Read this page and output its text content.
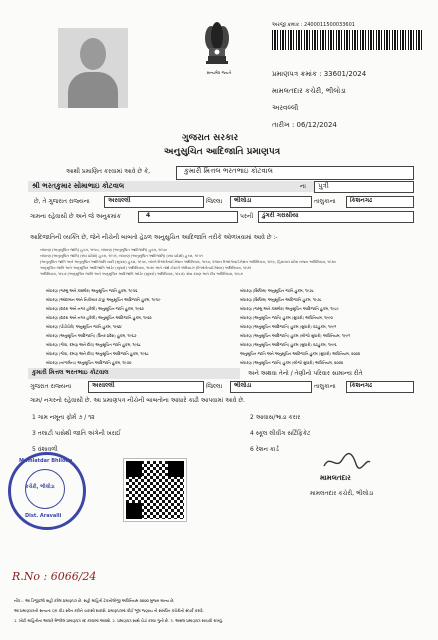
સત્યમેવ જયતે
અરજી ક્રમાંક : 2400011500033601
પ્રમાણપત્ર ક્રમાંક : 33601/2024
મામલતદાર કચેરી, ભીલોડા
અરવલ્લી
તારીખ : 06/12/2024
ગુજરાત સરકાર
અનુસુચિત આદિજાતિ પ્રમાણપત્ર
આથી પ્રમાણિત કરવામાં આવે છે કે,	કુમારી મિત્તલ ભરતભાઇ કોટવાલ
શ્રી ભરતકુમાર સોમાભાઇ કોટવાલ	ના પુત્રી
છે, તે ગુજરાત રાજ્યના	અરવલ્લી	જિલ્લા ભીલોડા	તાલુકાના કિશનગઢ
ગામના રહેવાસી છે અને જે અનુક્રમાંક	4	પરની ડુંગરી ગરાસીયા
આદિજાતિની વ્યક્તિ છે, જેને નીચેની બાબતો હેઠળ અનુસુચિત આદિજાતિ તરીકે ઓળખવામાં આવે છે :-
બંધારણ (અનુસૂચિત જાતિ) હુકમ, ૧૯૫૦, બંધારણ (અનુસૂચિત આદિજાતિ) હુકમ, ૧૯૫૦
બંધારણ (અનુસૂચિત જાતિ) (સંઘ પ્રદેશો) હુકમ, ૧૯૫૧, બંધારણ (અનુસૂચિત આદિજાતિ) (સંઘ પ્રદેશો) હુકમ, ૧૯૫૧
(અનુસૂચિત જાતિ અને અનુસૂચિત આદિજાતિ યાદી (સુધારા) હુકમ, ૧૯૫૬, બોમ્બે રિઓર્ગનાઈઝેશન અધિનિયમ, ૧૯૬૦, પંજાબ રિઓર્ગનાઈઝેશન અધિનિયમ, ૧૯૬૬, હિમાચલ પ્રદેશ રાજ્ય અધિનિયમ, ૧૯૭૦
અનુસૂચિત જાતિ અને અનુસૂચિત આદિજાતિ ઓર્ડર (સુધારો) અધિનિયમ, ૧૯૭૬ અને નોર્થ ઈસ્ટર્ન એરિયાઝ (રિઓર્ગનાઈઝેશન) અધિનિયમ, ૧૯૭૧
અધિનિયમ, ૧૯૮૭ (અનુસૂચિત જાતિ અને અનુસૂચિત આદિજાતિ ઓર્ડર (સુધારો) અધિનિયમ, ૧૯૮૭) ગોવા દમણ અને દીવ અધિનિયમ, ૧૯૮૭
બંધારણ (જમ્મુ અને કાશ્મીર) અનુસૂચિત જાતિ હુકમ, ૧૯૫૬
બંધારણ (આંદામાન અને નિકોબાર ટાપુ) અનુસૂચિત આદિજાતિ હુકમ, ૧૯૫૯
બંધારણ (દાદરા અને નગર હવેલી) અનુસૂચિત જાતિ હુકમ, ૧૯૬૨
બંધારણ (દાદરા અને નગર હવેલી) અનુસૂચિત આદિજાતિ હુકમ, ૧૯૬૨
બંધારણ (પોંડીચેરી) અનુસૂચિત જાતિ હુકમ, ૧૯૬૪
બંધારણ (અનુસૂચિત આદિજાતિ) (ઉત્તર પ્રદેશ) હુકમ, ૧૯૬૭
બંધારણ (ગોવા, દમણ અને દીવ) અનુસૂચિત જાતિ હુકમ, ૧૯૬૮
બંધારણ (ગોવા, દમણ અને દીવ) અનુસૂચિત આદિજાતિ હુકમ, ૧૯૬૮
બંધારણ (નાગાલેન્ડ) અનુસૂચિત આદિજાતિ હુકમ, ૧૯૭૦
બંધારણ (સિક્કિમ) અનુસૂચિત જાતિ હુકમ, ૧૯૭૮
બંધારણ (સિક્કિમ) અનુસૂચિત આદિજાતિ હુકમ, ૧૯૭૮
બંધારણ (જમ્મુ અને કાશ્મીર) અનુસૂચિત આદિજાતિ હુકમ, ૧૯૮૯
બંધારણ (અનુસૂચિત જાતિ) હુકમ (સુધારો) અધિનિયમ, ૧૯૯૦
બંધારણ (અનુસૂચિત આદિજાતિ) હુકમ (સુધારો) વટહુકમ, ૧૯૯૧
બંધારણ (અનુસૂચિત આદિજાતિ) હુકમ (બીજો સુધારો) અધિનિયમ, ૧૯૯૧
બંધારણ (અનુસૂચિત આદિજાતિ) હુકમ (સુધારો) વટહુકમ, ૧૯૯૬
અનુસૂચિત જાતિ અને અનુસૂચિત આદિજાતિ હુકમ (સુધારો) અધિનિયમ, ૨૦૦૨
બંધારણ (અનુસૂચિત જાતિ) હુકમ (બીજો સુધારો) અધિનિયમ, ૨૦૦૨
કુમારી મિત્તલ ભરતભાઇ કોટવાલ	અને અથવા તેનો / તેણીનો પરિવાર સામાન્ય રીતે
ગુજરાત રાજ્યના	અરવલ્લી	જિલ્લા ભીલોડા	તાલુકાના કિશનગઢ
ગામ/ નગરનો રહેવાસી છે. આ પ્રમાણપત્ર નીચેની બાબતોના આધારે કાઢી આપવામાં આવે છે.
1 ગામ નમૂના ફોર્મ ૭ / ૧૨	2 આવાસ/ભાડા કરાર
3 તલાટી પાસેથી જાતિ અંગેની ખરાઈ	4 સ્કૂલ લીવીંગ સર્ટિફિકેટ
5 વંશાવળી	6 રેશન કાર્ડ
Mamlatdar Bhiloda
કચેરી, ભીલોડા
Dist. Aravalli
મામલતદાર
મામલતદાર કચેરી, ભીલોડા
R.No : 6066/24
નોંધ :- આ ડિજીટલી સહી કરેલ પ્રમાણપત્ર છે. સહી માહિતી ટેકનોલોજી અધિનિયમ ૨૦૦૦ મુજબ માન્ય છે.
આ પ્રમાણપત્રની સત્યતા QR કોડ સ્કેન કરીને ચકાસી શકાશે. પ્રમાણપત્રમાં કોઈ ભૂલ જણાય તો સંબંધિત કચેરીનો સંપર્ક કરવો.
1. ખોટી માહિતીના આધારે મેળવેલ પ્રમાણપત્ર રદ કરવામાં આવશે. 2. પ્રમાણપત્ર સાથે ચેડાં કરવા ગુનો છે. 3. અસલ પ્રમાણપત્ર સાચવી રાખવું.
